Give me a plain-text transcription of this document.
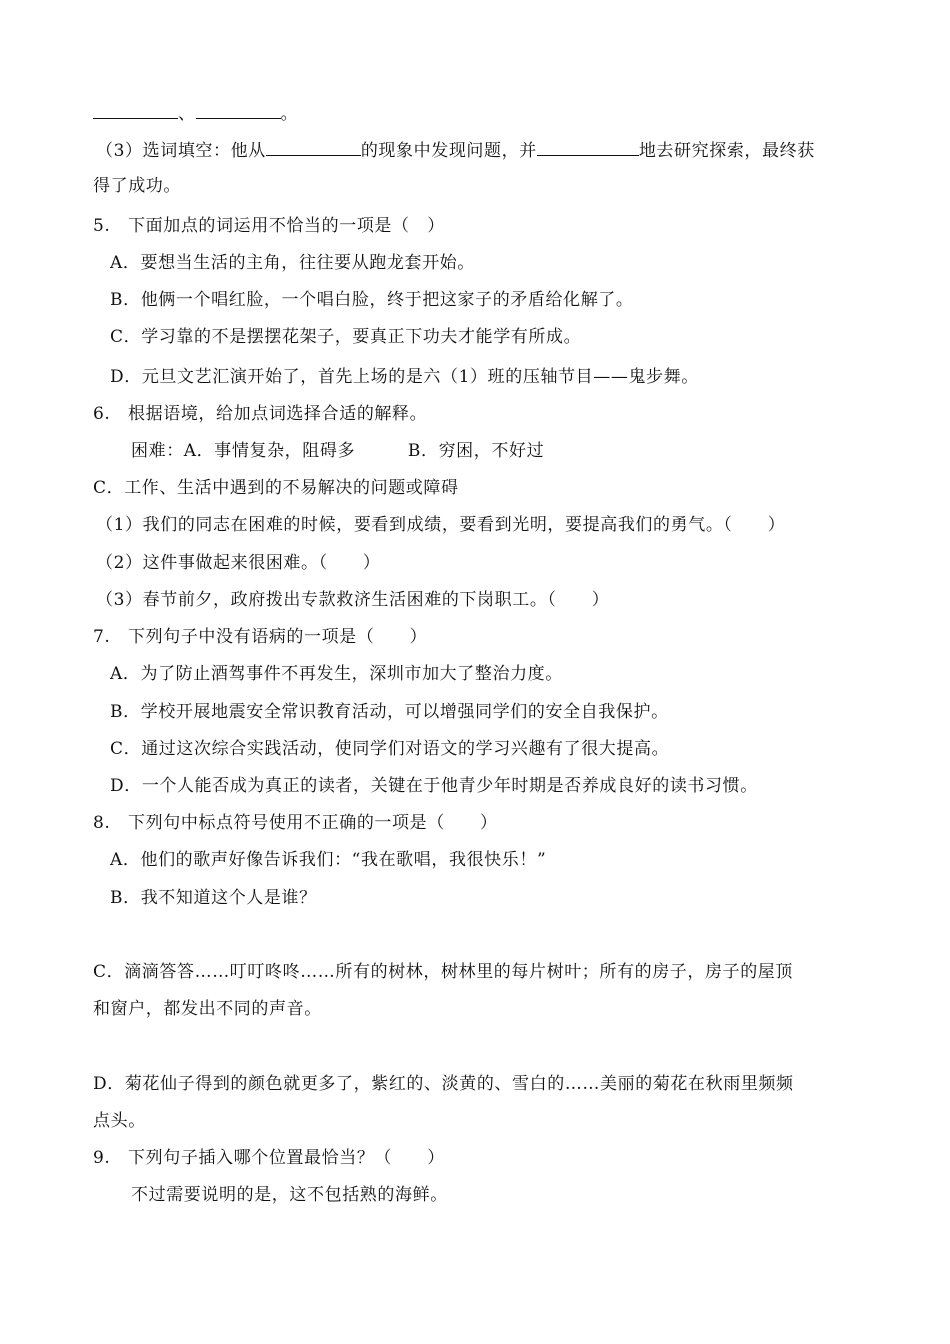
、	。
（3）选词填空：他从	的现象中发现问题，并	地去研究探索，最终获
得了成功。
5.　下面加点的词运用不恰当的一项是（　）
A．要想当生活的主角，往往要从跑龙套开始。
B．他俩一个唱红脸，一个唱白脸，终于把这家子的矛盾给化解了。
C．学习靠的不是摆摆花架子，要真正下功夫才能学有所成。
D．元旦文艺汇演开始了，首先上场的是六（1）班的压轴节目——鬼步舞。
6.　根据语境，给加点词选择合适的解释。
困难：A．事情复杂，阻碍多　　　B．穷困，不好过
C．工作、生活中遇到的不易解决的问题或障碍
（1）我们的同志在困难的时候，要看到成绩，要看到光明，要提高我们的勇气。（　　）
（2）这件事做起来很困难。（　　）
（3）春节前夕，政府拨出专款救济生活困难的下岗职工。（　　）
7.　下列句子中没有语病的一项是（　　）
A．为了防止酒驾事件不再发生，深圳市加大了整治力度。
B．学校开展地震安全常识教育活动，可以增强同学们的安全自我保护。
C．通过这次综合实践活动，使同学们对语文的学习兴趣有了很大提高。
D．一个人能否成为真正的读者，关键在于他青少年时期是否养成良好的读书习惯。
8.　下列句中标点符号使用不正确的一项是（　　）
A．他们的歌声好像告诉我们：“我在歌唱，我很快乐！”
B．我不知道这个人是谁？
C．滴滴答答……叮叮咚咚……所有的树林，树林里的每片树叶；所有的房子，房子的屋顶
和窗户，都发出不同的声音。
D．菊花仙子得到的颜色就更多了，紫红的、淡黄的、雪白的……美丽的菊花在秋雨里频频
点头。
9.　下列句子插入哪个位置最恰当？（　　）
不过需要说明的是，这不包括熟的海鲜。
